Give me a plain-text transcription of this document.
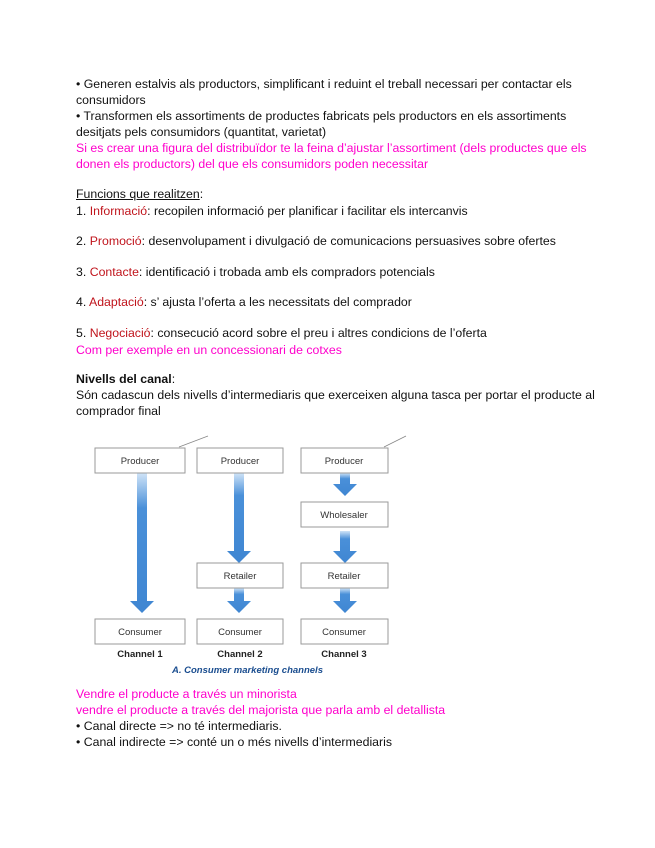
• Generen estalvis als productors, simplificant i reduint el treball necessari per contactar els
consumidors
• Transformen els assortiments de productes fabricats pels productors en els assortiments
desitjats pels consumidors (quantitat, varietat)
Si es crear una figura del distribuïdor te la feina d’ajustar l’assortiment (dels productes que els
donen els productors) del que els consumidors poden necessitar
Funcions que realitzen:
1. Informació: recopilen informació per planificar i facilitar els intercanvis
2. Promoció: desenvolupament i divulgació de comunicacions persuasives sobre ofertes
3. Contacte: identificació i trobada amb els compradors potencials
4. Adaptació: s’ ajusta l’oferta a les necessitats del comprador
5. Negociació: consecució acord sobre el preu i altres condicions de l’oferta
Com per exemple en un concessionari de cotxes
Nivells del canal:
Són cadascun dels nivells d’intermediaris que exerceixen alguna tasca per portar el producte al
comprador final
Producer	Producer	Producer
Wholesaler
Retailer	Retailer
Consumer	Consumer	Consumer
Channel 1	Channel 2	Channel 3
A. Consumer marketing channels
Vendre el producte a través un minorista
vendre el producte a través del majorista que parla amb el detallista
• Canal directe => no té intermediaris.
• Canal indirecte => conté un o més nivells d’intermediaris
